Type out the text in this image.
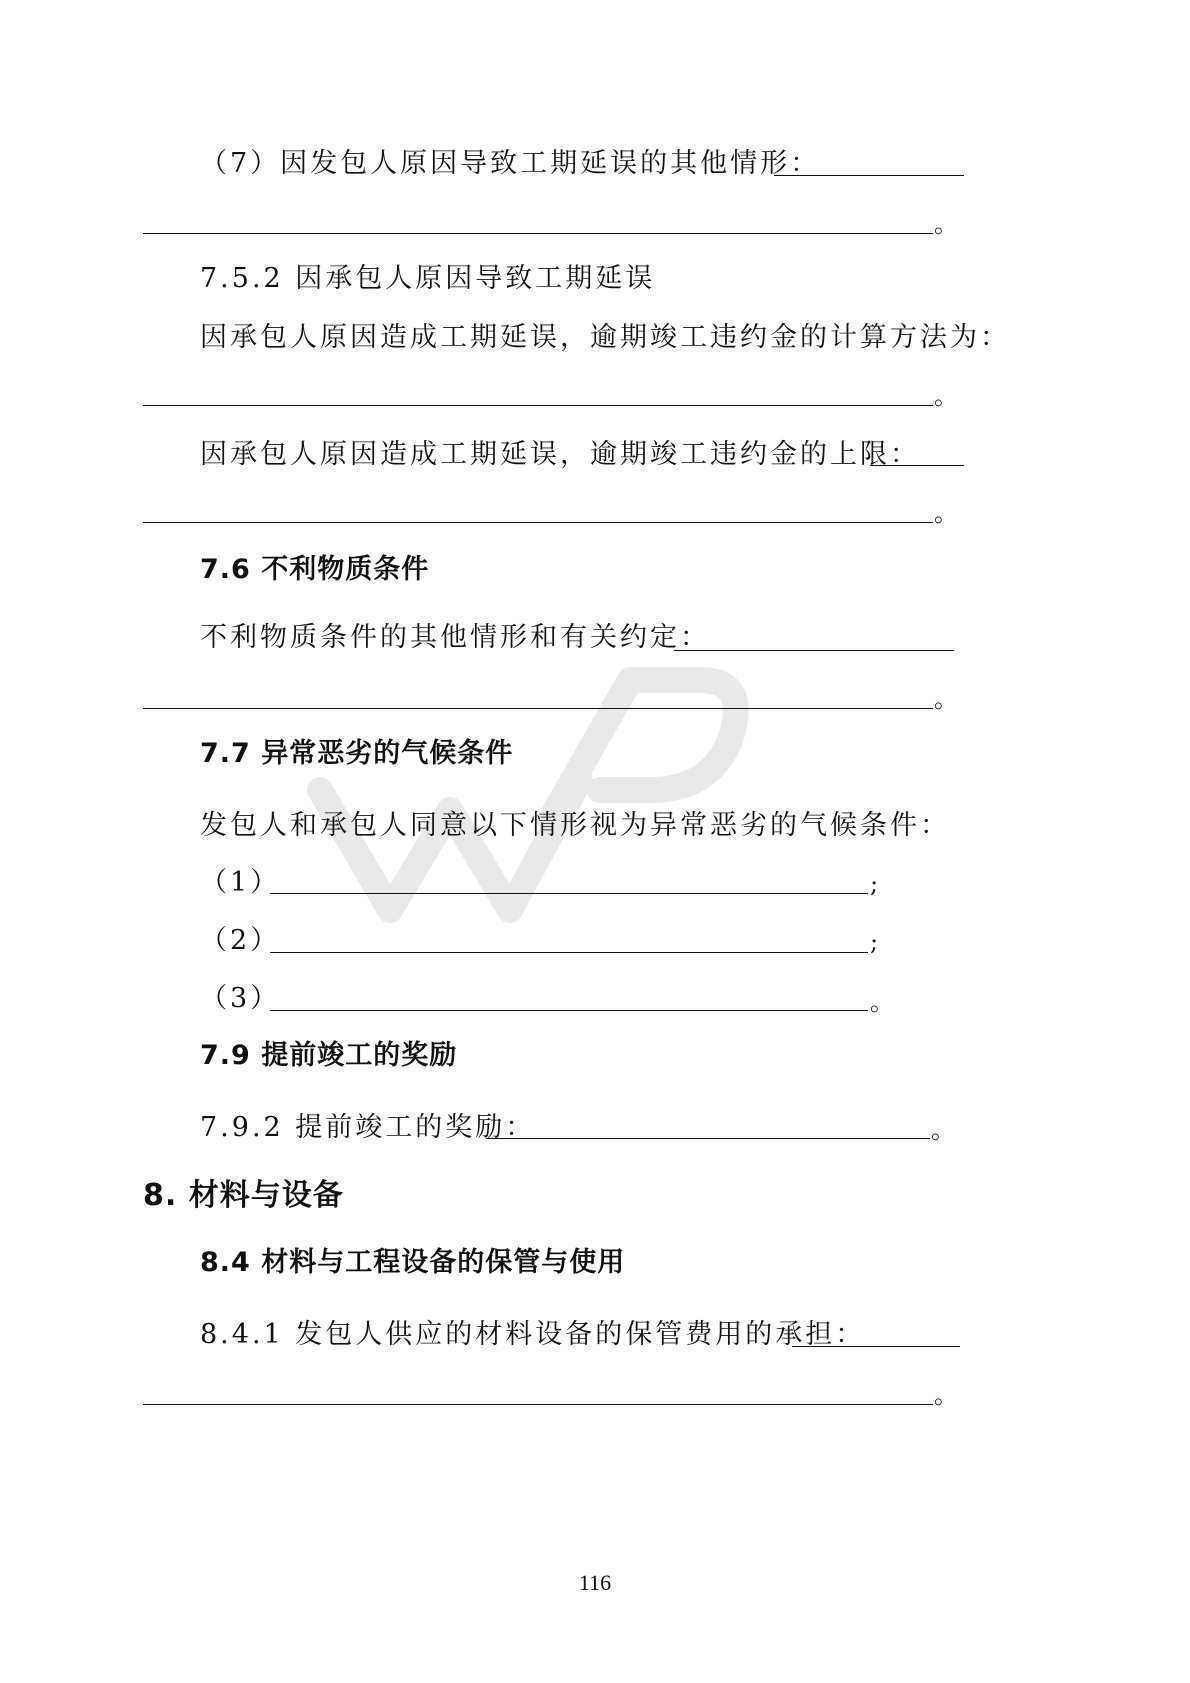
（7）因发包人原因导致工期延误的其他情形：
。
7.5.2 因承包人原因导致工期延误
因承包人原因造成工期延误，逾期竣工违约金的计算方法为：
。
因承包人原因造成工期延误，逾期竣工违约金的上限：
。
7.6 不利物质条件
不利物质条件的其他情形和有关约定：
。
7.7 异常恶劣的气候条件
发包人和承包人同意以下情形视为异常恶劣的气候条件：
（1）	;
（2）	;
（3）	。
7.9 提前竣工的奖励
7.9.2 提前竣工的奖励：	。
8. 材料与设备
8.4 材料与工程设备的保管与使用
8.4.1 发包人供应的材料设备的保管费用的承担：
。
116
